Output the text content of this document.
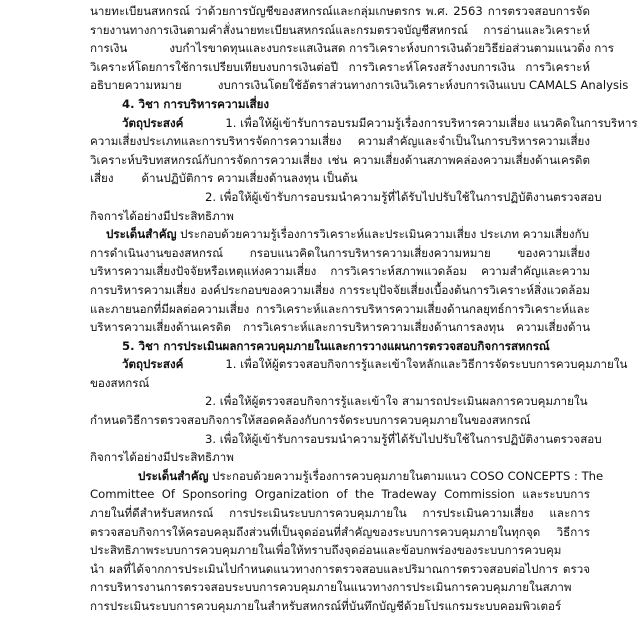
นายทะเบียนสหกรณ์ ว่าด้วยการบัญชีของสหกรณ์และกลุ่มเกษตรกร พ.ศ. 2563 การตรวจสอบการจัด
รายงานทางการเงินตามคำสั่งนายทะเบียนสหกรณ์และกรมตรวจบัญชีสหกรณ์ การอ่านและวิเคราะห์
การเงิน	งบกำไรขาดทุนและงบกระแสเงินสด การวิเคราะห์งบการเงินด้วยวิธีย่อส่วนตามแนวดิ่ง การ
วิเคราะห์โดยการใช้การเปรียบเทียบงบการเงินต่อปี การวิเคราะห์โครงสร้างงบการเงิน การวิเคราะห์
อธิบายความหมาย	งบการเงินโดยใช้อัตราส่วนทางการเงินวิเคราะห์งบการเงินแบบ CAMALS Analysis
4. วิชา การบริหารความเสี่ยง
วัตถุประสงค์	1. เพื่อให้ผู้เข้ารับการอบรมมีความรู้เรื่องการบริหารความเสี่ยง แนวคิดในการบริหาร
ความเสี่ยงประเภทและการบริหารจัดการความเสี่ยง ความสำคัญและจำเป็นในการบริหารความเสี่ยง
วิเคราะห์บริบทสหกรณ์กับการจัดการความเสี่ยง เช่น ความเสี่ยงด้านสภาพคล่องความเสี่ยงด้านเครดิต
เสี่ยง ด้านปฏิบัติการ ความเสี่ยงด้านลงทุน เป็นต้น
2. เพื่อให้ผู้เข้ารับการอบรมนำความรู้ที่ได้รับไปปรับใช้ในการปฏิบัติงานตรวจสอบ
กิจการได้อย่างมีประสิทธิภาพ
ประเด็นสำคัญ ประกอบด้วยความรู้เรื่องการวิเคราะห์และประเมินความเสี่ยง ประเภท ความเสี่ยงกับ
การดำเนินงานของสหกรณ์ กรอบแนวคิดในการบริหารความเสี่ยงความหมาย ของความเสี่ยง
บริหารความเสี่ยงปัจจัยหรือเหตุแห่งความเสี่ยง การวิเคราะห์สภาพแวดล้อม ความสำคัญและความ
การบริหารความเสี่ยง องค์ประกอบของความเสี่ยง การระบุปัจจัยเสี่ยงเบื้องต้นการวิเคราะห์สิ่งแวดล้อม
และภายนอกที่มีผลต่อความเสี่ยง การวิเคราะห์และการบริหารความเสี่ยงด้านกลยุทธ์การวิเคราะห์และ
บริหารความเสี่ยงด้านเครดิต การวิเคราะห์และการบริหารความเสี่ยงด้านการลงทุน ความเสี่ยงด้าน
5. วิชา การประเมินผลการควบคุมภายในและการวางแผนการตรวจสอบกิจการสหกรณ์
วัตถุประสงค์	1. เพื่อให้ผู้ตรวจสอบกิจการรู้และเข้าใจหลักและวิธีการจัดระบบการควบคุมภายใน
ของสหกรณ์
2. เพื่อให้ผู้ตรวจสอบกิจการรู้และเข้าใจ สามารถประเมินผลการควบคุมภายใน
กำหนดวิธีการตรวจสอบกิจการให้สอดคล้องกับการจัดระบบการควบคุมภายในของสหกรณ์
3. เพื่อให้ผู้เข้ารับการอบรมนำความรู้ที่ได้รับไปปรับใช้ในการปฏิบัติงานตรวจสอบ
กิจการได้อย่างมีประสิทธิภาพ
ประเด็นสำคัญ ประกอบด้วยความรู้เรื่องการควบคุมภายในตามแนว COSO CONCEPTS : The
Committee Of Sponsoring Organization of the Tradeway Commission และระบบการ
ภายในที่ดีสำหรับสหกรณ์ การประเมินระบบการควบคุมภายใน การประเมินความเสี่ยง และการ
ตรวจสอบกิจการให้ครอบคลุมถึงส่วนที่เป็นจุดอ่อนที่สำคัญของระบบการควบคุมภายในทุกจุด วิธีการ
ประสิทธิภาพระบบการควบคุมภายในเพื่อให้ทราบถึงจุดอ่อนและข้อบกพร่องของระบบการควบคุม
นำ ผลที่ได้จากการประเมินไปกำหนดแนวทางการตรวจสอบและปริมาณการตรวจสอบต่อไปการ ตรวจ
การบริหารงานการตรวจสอบระบบการควบคุมภายในแนวทางการประเมินการควบคุมภายในสภาพ
การประเมินระบบการควบคุมภายในสำหรับสหกรณ์ที่บันทึกบัญชีด้วยโปรแกรมระบบคอมพิวเตอร์
